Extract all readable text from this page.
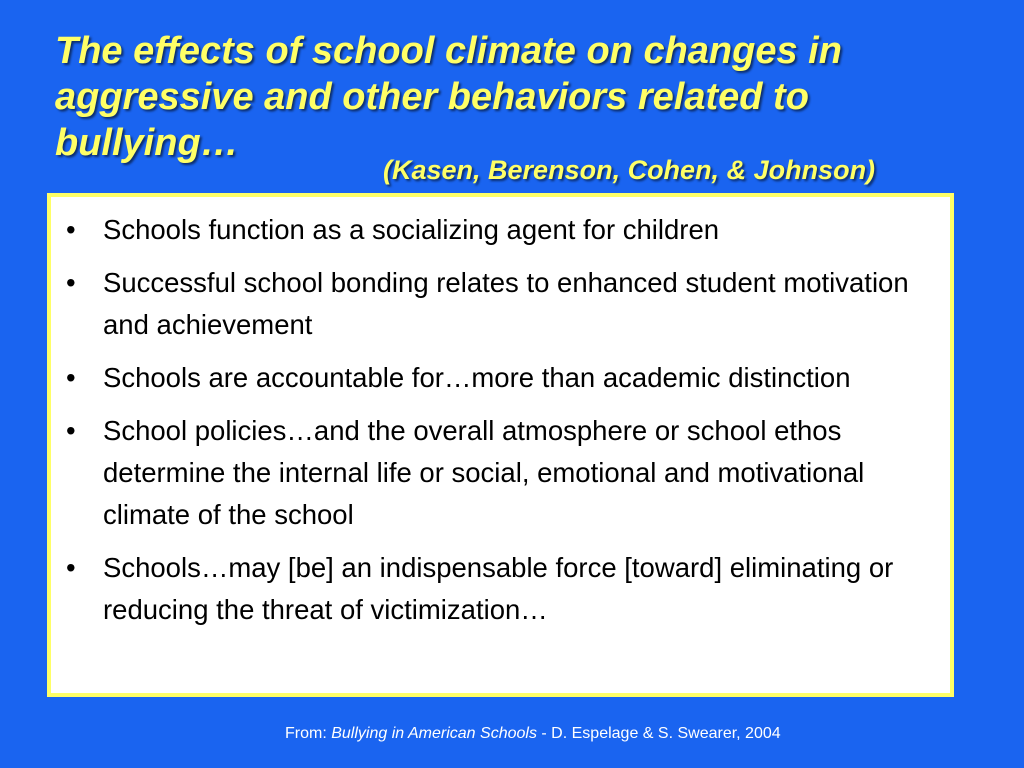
The effects of school climate on changes in aggressive and other behaviors related to bullying…
(Kasen, Berenson, Cohen, & Johnson)
• Schools function as a socializing agent for children
• Successful school bonding relates to enhanced student motivation and achievement
• Schools are accountable for…more than academic distinction
• School policies…and the overall atmosphere or school ethos determine the internal life or social, emotional and motivational climate of the school
• Schools…may [be] an indispensable force [toward] eliminating or reducing the threat of victimization…
From: Bullying in American Schools - D. Espelage & S. Swearer, 2004
